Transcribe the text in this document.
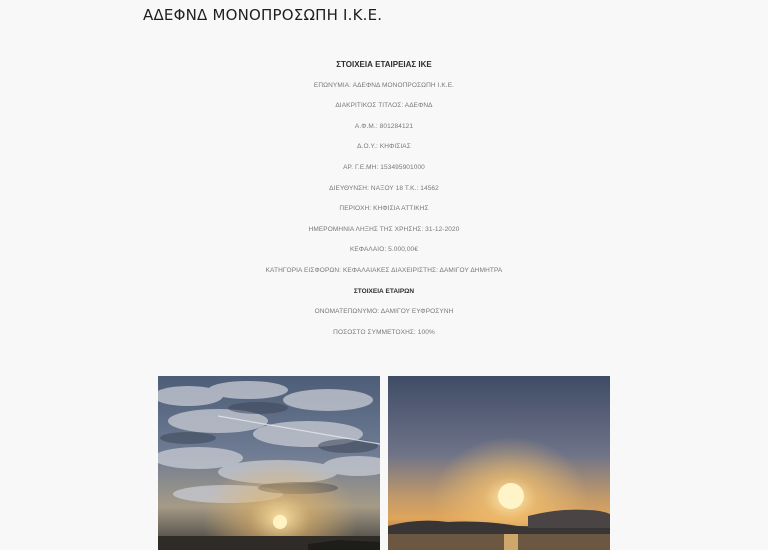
ΑΔΕΦΝΔ ΜΟΝΟΠΡΟΣΩΠΗ Ι.Κ.Ε.

ΣΤΟΙΧΕΙΑ ΕΤΑΙΡΕΙΑΣ ΙΚΕ

ΕΠΩΝΥΜΙΑ: ΑΔΕΦΝΔ ΜΟΝΟΠΡΟΣΩΠΗ Ι.Κ.Ε.

ΔΙΑΚΡΙΤΙΚΟΣ ΤΙΤΛΟΣ: ΑΔΕΦΝΔ

Α.Φ.Μ.: 801284121

Δ.Ο.Υ.: ΚΗΦΙΣΙΑΣ

ΑΡ. Γ.Ε.ΜΗ: 153495901000

ΔΙΕΥΘΥΝΣΗ: ΝΑΞΟΥ 18 Τ.Κ.: 14562

ΠΕΡΙΟΧΗ: ΚΗΦΙΣΙΑ ΑΤΤΙΚΗΣ

ΗΜΕΡΟΜΗΝΙΑ ΛΗΞΗΣ ΤΗΣ ΧΡΗΣΗΣ: 31-12-2020

ΚΕΦΑΛΑΙΟ: 5.000,00€

ΚΑΤΗΓΟΡΙΑ ΕΙΣΦΟΡΩΝ: ΚΕΦΑΛΑΙΑΚΕΣ ΔΙΑΧΕΙΡΙΣΤΗΣ: ΔΑΜΙΓΟΥ ΔΗΜΗΤΡΑ

ΣΤΟΙΧΕΙΑ ΕΤΑΙΡΩΝ

ΟΝΟΜΑΤΕΠΩΝΥΜΟ: ΔΑΜΙΓΟΥ ΕΥΦΡΟΣΥΝΗ

ΠΟΣΟΣΤΟ ΣΥΜΜΕΤΟΧΗΣ: 100%
